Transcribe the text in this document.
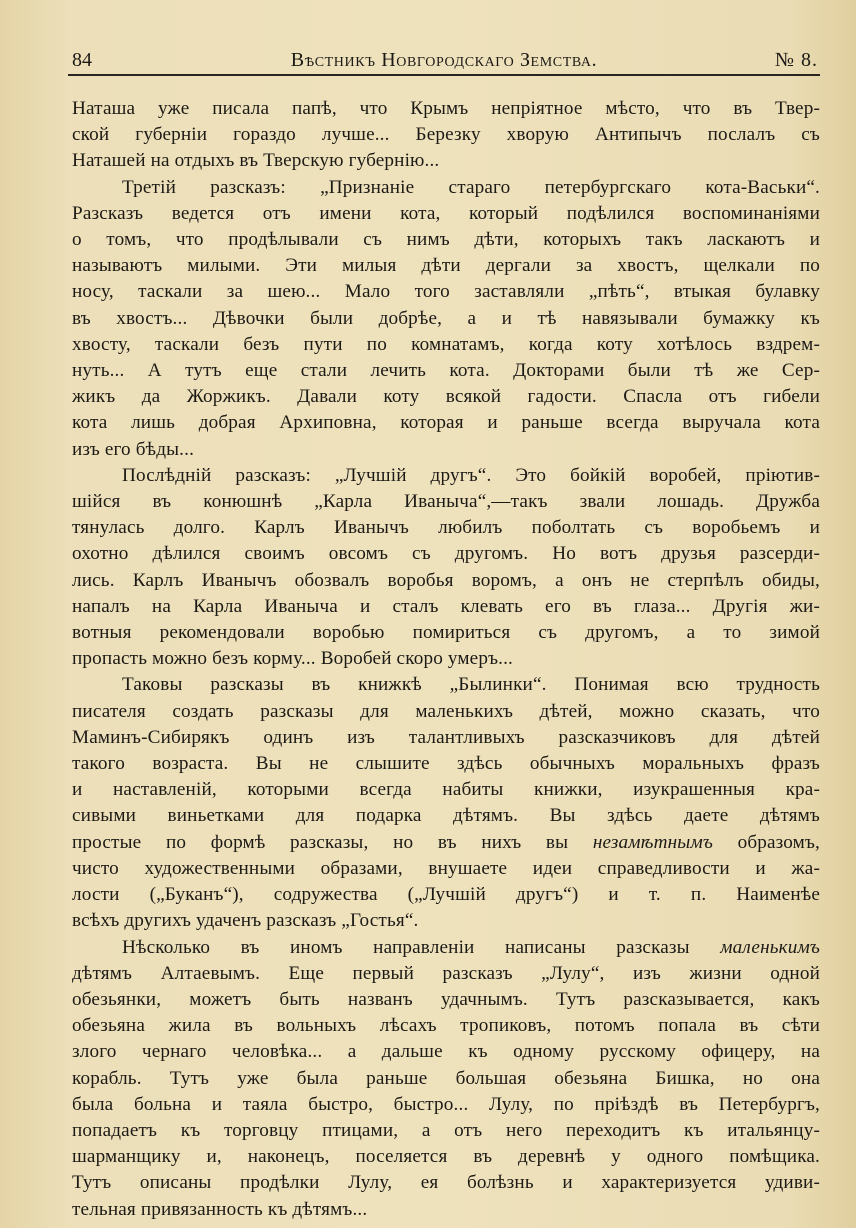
84	Вѣстникъ Новгородскаго Земства.	№ 8.
Наташа уже писала папѣ, что Крымъ непріятное мѣсто, что въ Твер-
ской губерніи гораздо лучше... Березку хворую Антипычъ послалъ съ
Наташей на отдыхъ въ Тверскую губернію...
Третій разсказъ: „Признаніе стараго петербургскаго кота-Васьки“.
Разсказъ ведется отъ имени кота, который подѣлился воспоминаніями
о томъ, что продѣлывали съ нимъ дѣти, которыхъ такъ ласкаютъ и
называютъ милыми. Эти милыя дѣти дергали за хвостъ, щелкали по
носу, таскали за шею... Мало того заставляли „пѣть“, втыкая булавку
въ хвостъ... Дѣвочки были добрѣе, а и тѣ навязывали бумажку къ
хвосту, таскали безъ пути по комнатамъ, когда коту хотѣлось вздрем-
нуть... А тутъ еще стали лечить кота. Докторами были тѣ же Сер-
жикъ да Жоржикъ. Давали коту всякой гадости. Спасла отъ гибели
кота лишь добрая Архиповна, которая и раньше всегда выручала кота
изъ его бѣды...
Послѣдній разсказъ: „Лучшій другъ“. Это бойкій воробей, пріютив-
шійся въ конюшнѣ „Карла Иваныча“,—такъ звали лошадь. Дружба
тянулась долго. Карлъ Иванычъ любилъ поболтать съ воробьемъ и
охотно дѣлился своимъ овсомъ съ другомъ. Но вотъ друзья разсерди-
лись. Карлъ Иванычъ обозвалъ воробья воромъ, а онъ не стерпѣлъ обиды,
напалъ на Карла Иваныча и сталъ клевать его въ глаза... Другія жи-
вотныя рекомендовали воробью помириться съ другомъ, а то зимой
пропасть можно безъ корму... Воробей скоро умеръ...
Таковы разсказы въ книжкѣ „Былинки“. Понимая всю трудность
писателя создать разсказы для маленькихъ дѣтей, можно сказать, что
Маминъ-Сибирякъ одинъ изъ талантливыхъ разсказчиковъ для дѣтей
такого возраста. Вы не слышите здѣсь обычныхъ моральныхъ фразъ
и наставленій, которыми всегда набиты книжки, изукрашенныя кра-
сивыми виньетками для подарка дѣтямъ. Вы здѣсь даете дѣтямъ
простые по формѣ разсказы, но въ нихъ вы незамѣтнымъ образомъ,
чисто художественными образами, внушаете идеи справедливости и жа-
лости („Буканъ“), содружества („Лучшій другъ“) и т. п. Наименѣе
всѣхъ другихъ удаченъ разсказъ „Гостья“.
Нѣсколько въ иномъ направленіи написаны разсказы маленькимъ
дѣтямъ Алтаевымъ. Еще первый разсказъ „Лулу“, изъ жизни одной
обезьянки, можетъ быть названъ удачнымъ. Тутъ разсказывается, какъ
обезьяна жила въ вольныхъ лѣсахъ тропиковъ, потомъ попала въ сѣти
злого чернаго человѣка... а дальше къ одному русскому офицеру, на
корабль. Тутъ уже была раньше большая обезьяна Бишка, но она
была больна и таяла быстро, быстро... Лулу, по пріѣздѣ въ Петербургъ,
попадаетъ къ торговцу птицами, а отъ него переходитъ къ итальянцу-
шарманщику и, наконецъ, поселяется въ деревнѣ у одного помѣщика.
Тутъ описаны продѣлки Лулу, ея болѣзнь и характеризуется удиви-
тельная привязанность къ дѣтямъ...
